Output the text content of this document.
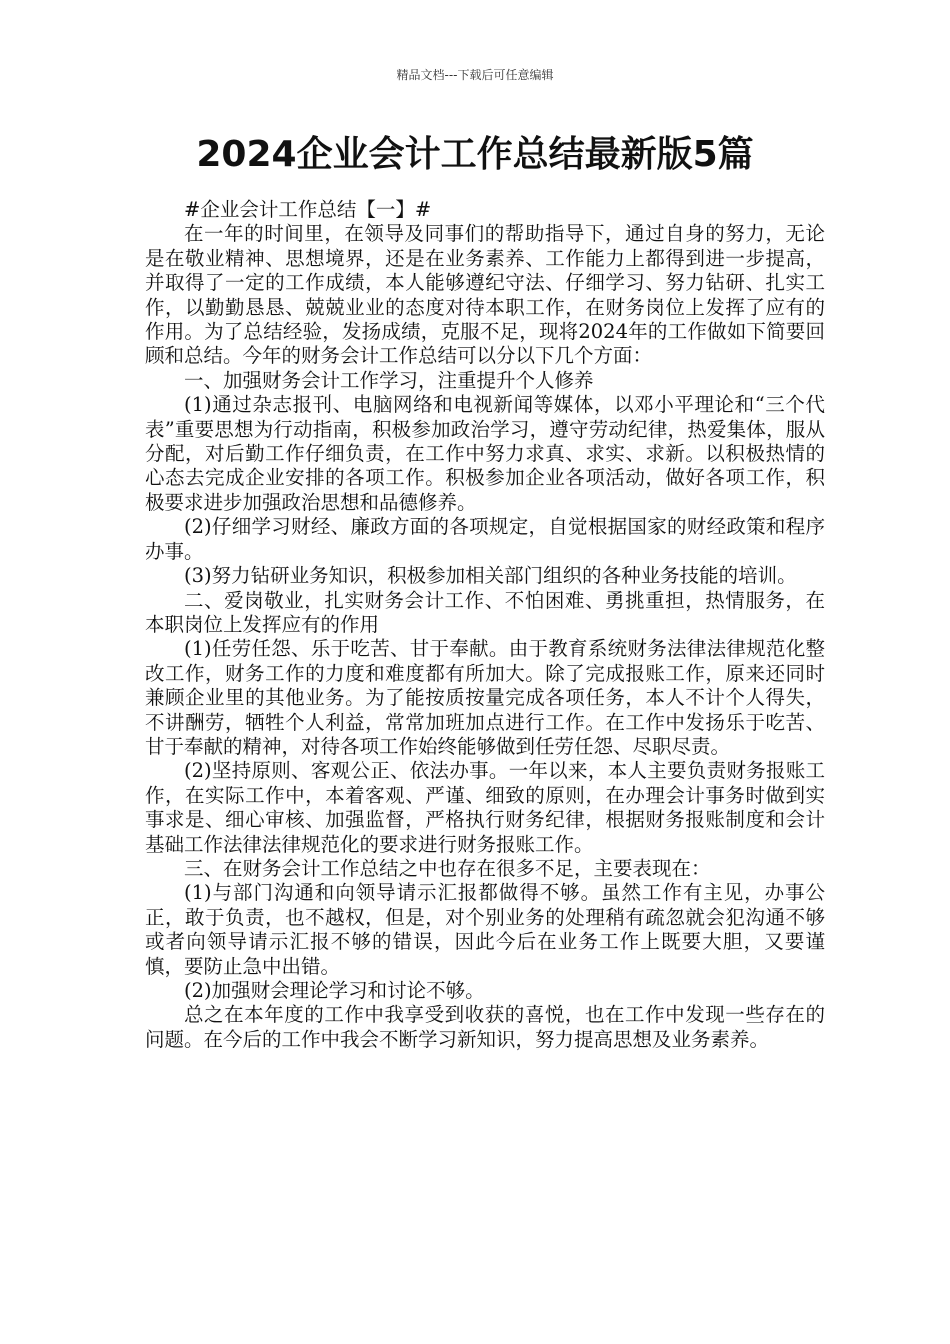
精品文档---下载后可任意编辑
2024企业会计工作总结最新版5篇

#企业会计工作总结【一】#

在一年的时间里，在领导及同事们的帮助指导下，通过自身的努力，无论是在敬业精神、思想境界，还是在业务素养、工作能力上都得到进一步提高，并取得了一定的工作成绩，本人能够遵纪守法、仔细学习、努力钻研、扎实工作，以勤勤恳恳、兢兢业业的态度对待本职工作，在财务岗位上发挥了应有的作用。为了总结经验，发扬成绩，克服不足，现将2024年的工作做如下简要回顾和总结。今年的财务会计工作总结可以分以下几个方面：

一、加强财务会计工作学习，注重提升个人修养

(1)通过杂志报刊、电脑网络和电视新闻等媒体，以邓小平理论和“三个代表”重要思想为行动指南，积极参加政治学习，遵守劳动纪律，热爱集体，服从分配，对后勤工作仔细负责，在工作中努力求真、求实、求新。以积极热情的心态去完成企业安排的各项工作。积极参加企业各项活动，做好各项工作，积极要求进步加强政治思想和品德修养。

(2)仔细学习财经、廉政方面的各项规定，自觉根据国家的财经政策和程序办事。

(3)努力钻研业务知识，积极参加相关部门组织的各种业务技能的培训。

二、爱岗敬业，扎实财务会计工作、不怕困难、勇挑重担，热情服务，在本职岗位上发挥应有的作用

(1)任劳任怨、乐于吃苦、甘于奉献。由于教育系统财务法律法律规范化整改工作，财务工作的力度和难度都有所加大。除了完成报账工作，原来还同时兼顾企业里的其他业务。为了能按质按量完成各项任务，本人不计个人得失，不讲酬劳，牺牲个人利益，常常加班加点进行工作。在工作中发扬乐于吃苦、甘于奉献的精神，对待各项工作始终能够做到任劳任怨、尽职尽责。

(2)坚持原则、客观公正、依法办事。一年以来，本人主要负责财务报账工作，在实际工作中，本着客观、严谨、细致的原则，在办理会计事务时做到实事求是、细心审核、加强监督，严格执行财务纪律，根据财务报账制度和会计基础工作法律法律规范化的要求进行财务报账工作。

三、在财务会计工作总结之中也存在很多不足，主要表现在：

(1)与部门沟通和向领导请示汇报都做得不够。虽然工作有主见，办事公正，敢于负责，也不越权，但是，对个别业务的处理稍有疏忽就会犯沟通不够或者向领导请示汇报不够的错误，因此今后在业务工作上既要大胆，又要谨慎，要防止急中出错。

(2)加强财会理论学习和讨论不够。

总之在本年度的工作中我享受到收获的喜悦，也在工作中发现一些存在的问题。在今后的工作中我会不断学习新知识，努力提高思想及业务素养。
